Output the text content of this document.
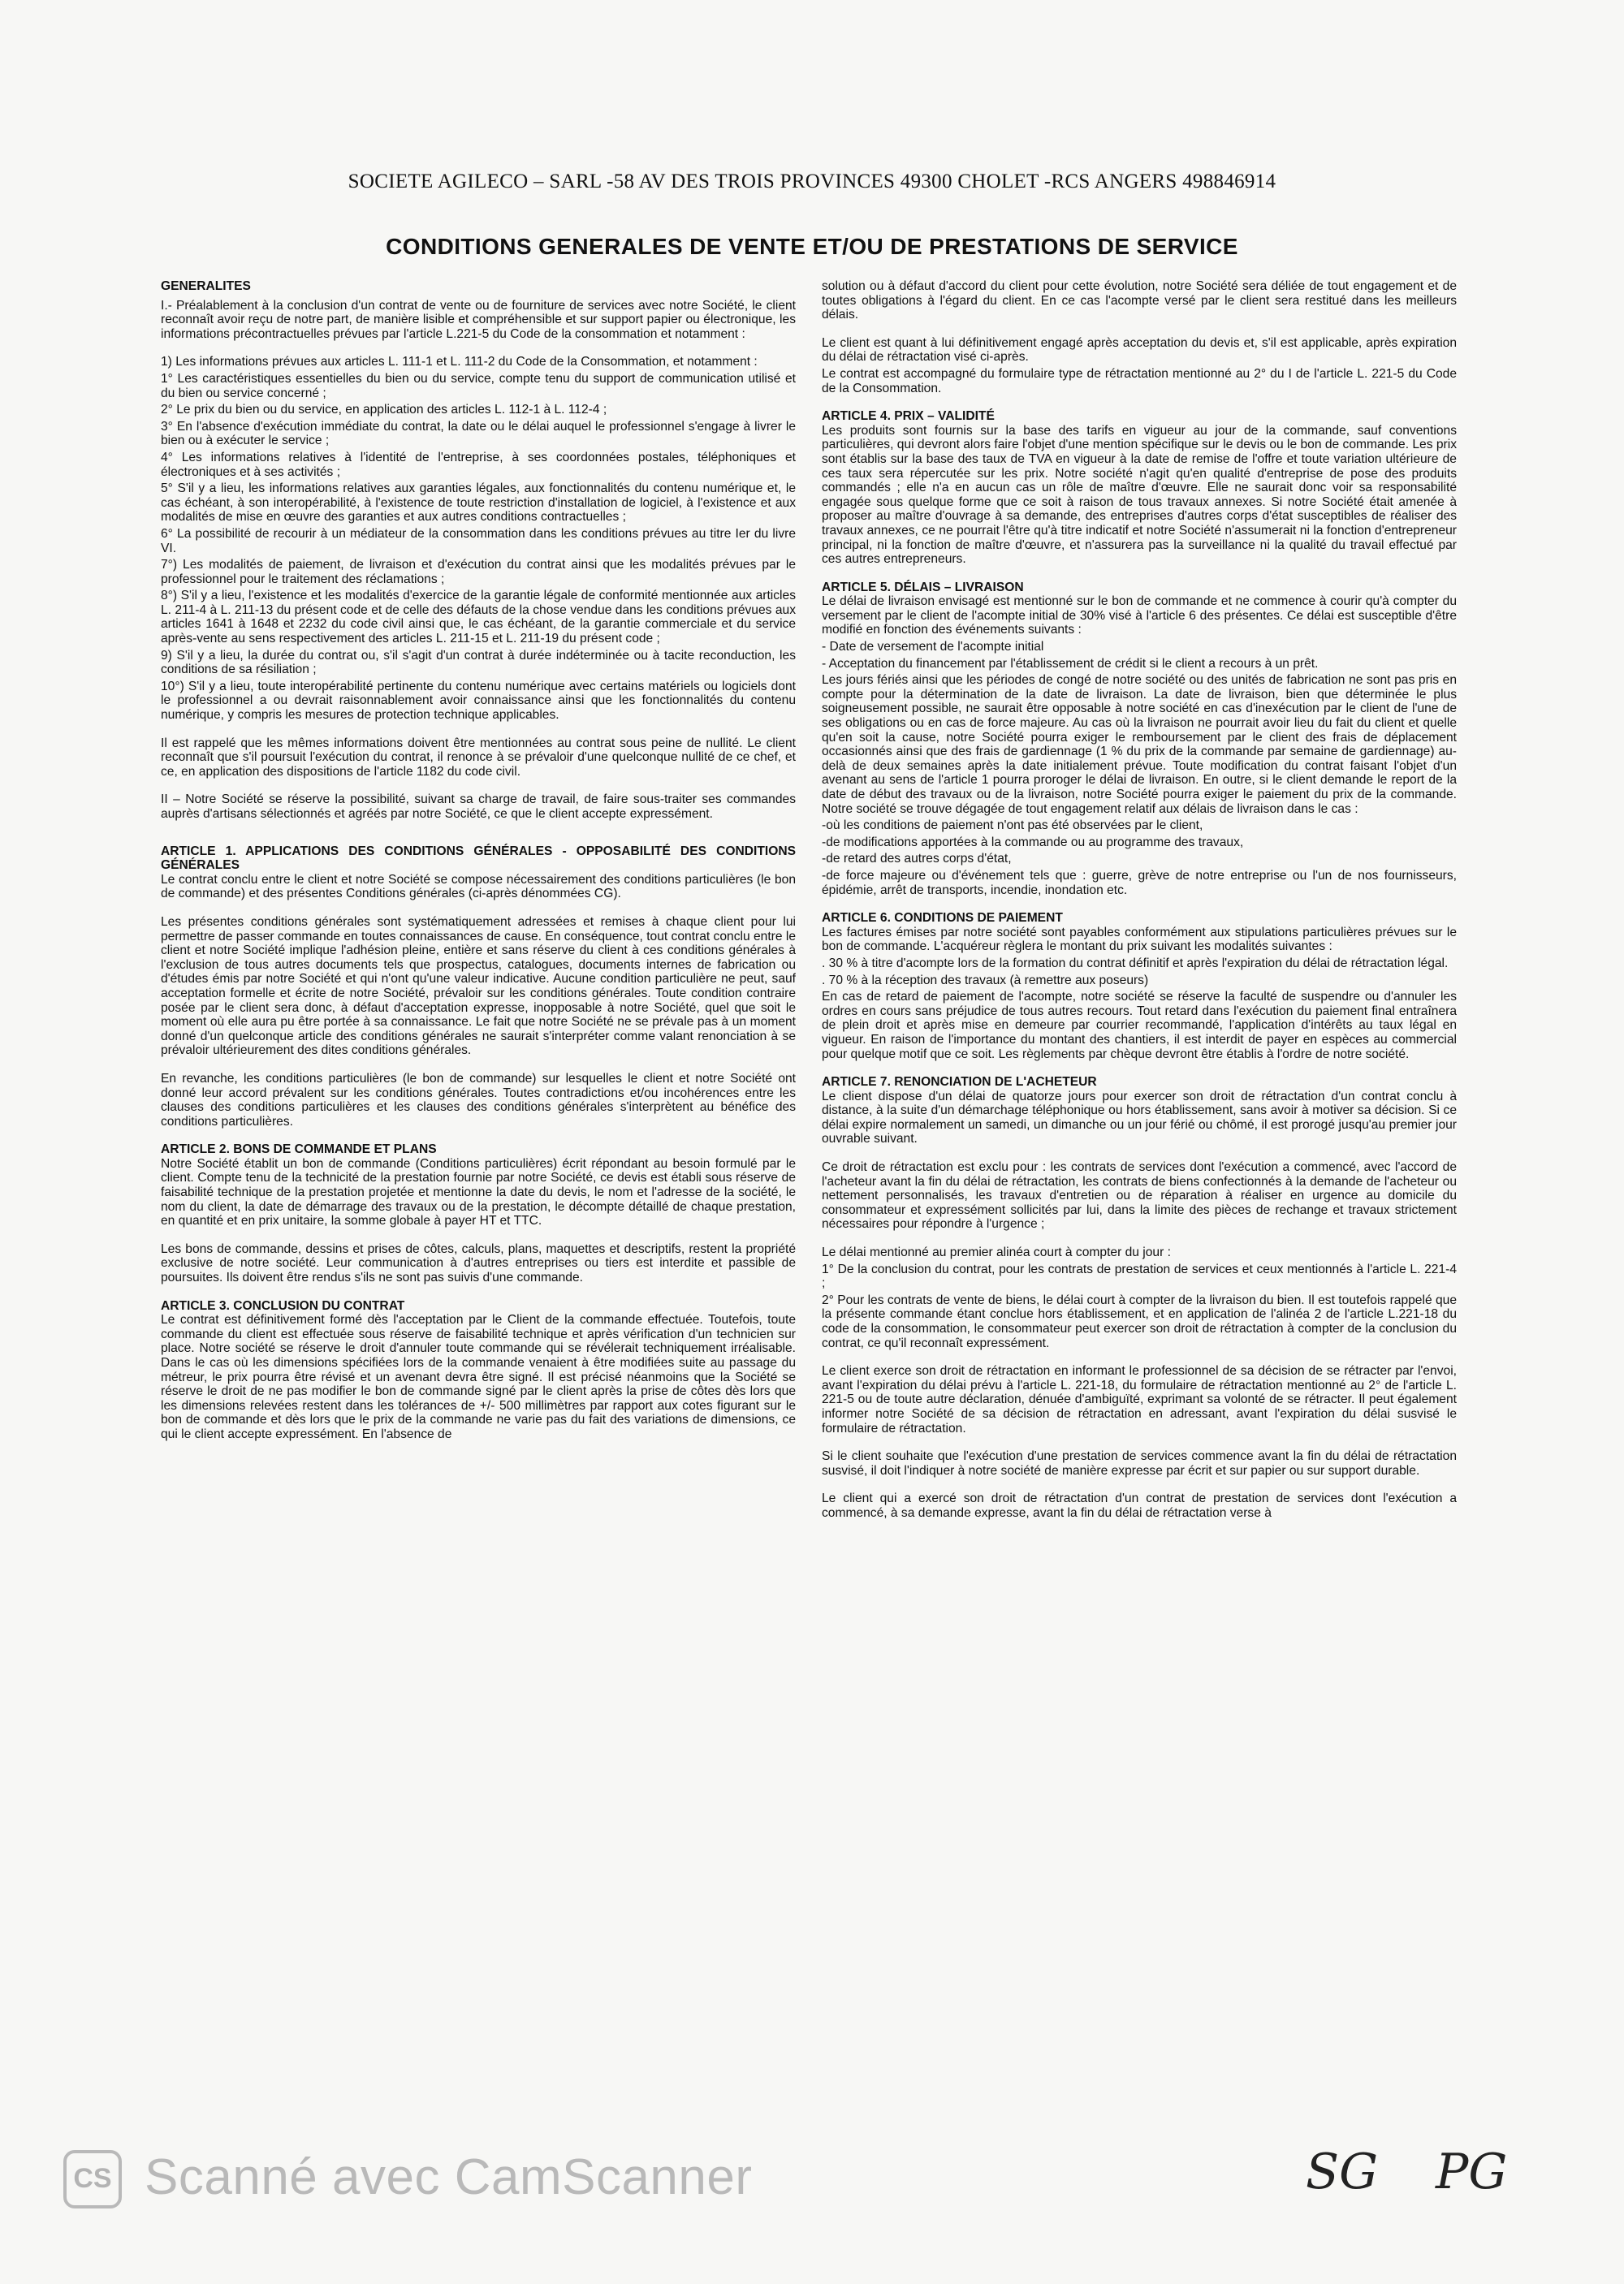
SOCIETE AGILECO – SARL -58 AV DES TROIS PROVINCES 49300 CHOLET -RCS ANGERS 498846914
CONDITIONS GENERALES DE VENTE ET/OU DE PRESTATIONS DE SERVICE
GENERALITES

I.- Préalablement à la conclusion d'un contrat de vente ou de fourniture de services avec notre Société, le client reconnaît avoir reçu de notre part, de manière lisible et compréhensible et sur support papier ou électronique, les informations précontractuelles prévues par l'article L.221-5 du Code de la consommation et notamment :

1) Les informations prévues aux articles L. 111-1 et L. 111-2 du Code de la Consommation, et notamment :

1° Les caractéristiques essentielles du bien ou du service, compte tenu du support de communication utilisé et du bien ou service concerné ;

2° Le prix du bien ou du service, en application des articles L. 112-1 à L. 112-4 ;

3° En l'absence d'exécution immédiate du contrat, la date ou le délai auquel le professionnel s'engage à livrer le bien ou à exécuter le service ;

4° Les informations relatives à l'identité de l'entreprise, à ses coordonnées postales, téléphoniques et électroniques et à ses activités ;

5° S'il y a lieu, les informations relatives aux garanties légales, aux fonctionnalités du contenu numérique et, le cas échéant, à son interopérabilité, à l'existence de toute restriction d'installation de logiciel, à l'existence et aux modalités de mise en œuvre des garanties et aux autres conditions contractuelles ;

6° La possibilité de recourir à un médiateur de la consommation dans les conditions prévues au titre Ier du livre VI.

7°) Les modalités de paiement, de livraison et d'exécution du contrat ainsi que les modalités prévues par le professionnel pour le traitement des réclamations ;

8°) S'il y a lieu, l'existence et les modalités d'exercice de la garantie légale de conformité mentionnée aux articles L. 211-4 à L. 211-13 du présent code et de celle des défauts de la chose vendue dans les conditions prévues aux articles 1641 à 1648 et 2232 du code civil ainsi que, le cas échéant, de la garantie commerciale et du service après-vente au sens respectivement des articles L. 211-15 et L. 211-19 du présent code ;

9) S'il y a lieu, la durée du contrat ou, s'il s'agit d'un contrat à durée indéterminée ou à tacite reconduction, les conditions de sa résiliation ;

10°) S'il y a lieu, toute interopérabilité pertinente du contenu numérique avec certains matériels ou logiciels dont le professionnel a ou devrait raisonnablement avoir connaissance ainsi que les fonctionnalités du contenu numérique, y compris les mesures de protection technique applicables.

Il est rappelé que les mêmes informations doivent être mentionnées au contrat sous peine de nullité. Le client reconnaît que s'il poursuit l'exécution du contrat, il renonce à se prévaloir d'une quelconque nullité de ce chef, et ce, en application des dispositions de l'article 1182 du code civil.

II – Notre Société se réserve la possibilité, suivant sa charge de travail, de faire sous-traiter ses commandes auprès d'artisans sélectionnés et agréés par notre Société, ce que le client accepte expressément.

ARTICLE 1. APPLICATIONS DES CONDITIONS GÉNÉRALES - OPPOSABILITÉ DES CONDITIONS GÉNÉRALES

Le contrat conclu entre le client et notre Société se compose nécessairement des conditions particulières (le bon de commande) et des présentes Conditions générales (ci-après dénommées CG).

Les présentes conditions générales sont systématiquement adressées et remises à chaque client pour lui permettre de passer commande en toutes connaissances de cause. En conséquence, tout contrat conclu entre le client et notre Société implique l'adhésion pleine, entière et sans réserve du client à ces conditions générales à l'exclusion de tous autres documents tels que prospectus, catalogues, documents internes de fabrication ou d'études émis par notre Société et qui n'ont qu'une valeur indicative. Aucune condition particulière ne peut, sauf acceptation formelle et écrite de notre Société, prévaloir sur les conditions générales. Toute condition contraire posée par le client sera donc, à défaut d'acceptation expresse, inopposable à notre Société, quel que soit le moment où elle aura pu être portée à sa connaissance. Le fait que notre Société ne se prévale pas à un moment donné d'un quelconque article des conditions générales ne saurait s'interpréter comme valant renonciation à se prévaloir ultérieurement des dites conditions générales.

En revanche, les conditions particulières (le bon de commande) sur lesquelles le client et notre Société ont donné leur accord prévalent sur les conditions générales. Toutes contradictions et/ou incohérences entre les clauses des conditions particulières et les clauses des conditions générales s'interprètent au bénéfice des conditions particulières.

ARTICLE 2. BONS DE COMMANDE ET PLANS

Notre Société établit un bon de commande (Conditions particulières) écrit répondant au besoin formulé par le client. Compte tenu de la technicité de la prestation fournie par notre Société, ce devis est établi sous réserve de faisabilité technique de la prestation projetée et mentionne la date du devis, le nom et l'adresse de la société, le nom du client, la date de démarrage des travaux ou de la prestation, le décompte détaillé de chaque prestation, en quantité et en prix unitaire, la somme globale à payer HT et TTC.

Les bons de commande, dessins et prises de côtes, calculs, plans, maquettes et descriptifs, restent la propriété exclusive de notre société. Leur communication à d'autres entreprises ou tiers est interdite et passible de poursuites. Ils doivent être rendus s'ils ne sont pas suivis d'une commande.

ARTICLE 3. CONCLUSION DU CONTRAT

Le contrat est définitivement formé dès l'acceptation par le Client de la commande effectuée. Toutefois, toute commande du client est effectuée sous réserve de faisabilité technique et après vérification d'un technicien sur place. Notre société se réserve le droit d'annuler toute commande qui se révélerait techniquement irréalisable. Dans le cas où les dimensions spécifiées lors de la commande venaient à être modifiées suite au passage du métreur, le prix pourra être révisé et un avenant devra être signé. Il est précisé néanmoins que la Société se réserve le droit de ne pas modifier le bon de commande signé par le client après la prise de côtes dès lors que les dimensions relevées restent dans les tolérances de +/- 500 millimètres par rapport aux cotes figurant sur le bon de commande et dès lors que le prix de la commande ne varie pas du fait des variations de dimensions, ce qui le client accepte expressément. En l'absence de

solution ou à défaut d'accord du client pour cette évolution, notre Société sera déliée de tout engagement et de toutes obligations à l'égard du client. En ce cas l'acompte versé par le client sera restitué dans les meilleurs délais.

Le client est quant à lui définitivement engagé après acceptation du devis et, s'il est applicable, après expiration du délai de rétractation visé ci-après.

Le contrat est accompagné du formulaire type de rétractation mentionné au 2° du I de l'article L. 221-5 du Code de la Consommation.

ARTICLE 4. PRIX – VALIDITÉ

Les produits sont fournis sur la base des tarifs en vigueur au jour de la commande, sauf conventions particulières, qui devront alors faire l'objet d'une mention spécifique sur le devis ou le bon de commande. Les prix sont établis sur la base des taux de TVA en vigueur à la date de remise de l'offre et toute variation ultérieure de ces taux sera répercutée sur les prix. Notre société n'agit qu'en qualité d'entreprise de pose des produits commandés ; elle n'a en aucun cas un rôle de maître d'œuvre. Elle ne saurait donc voir sa responsabilité engagée sous quelque forme que ce soit à raison de tous travaux annexes. Si notre Société était amenée à proposer au maître d'ouvrage à sa demande, des entreprises d'autres corps d'état susceptibles de réaliser des travaux annexes, ce ne pourrait l'être qu'à titre indicatif et notre Société n'assumerait ni la fonction d'entrepreneur principal, ni la fonction de maître d'œuvre, et n'assurera pas la surveillance ni la qualité du travail effectué par ces autres entrepreneurs.

ARTICLE 5. DÉLAIS – LIVRAISON

Le délai de livraison envisagé est mentionné sur le bon de commande et ne commence à courir qu'à compter du versement par le client de l'acompte initial de 30% visé à l'article 6 des présentes. Ce délai est susceptible d'être modifié en fonction des événements suivants :

- Date de versement de l'acompte initial

- Acceptation du financement par l'établissement de crédit si le client a recours à un prêt.

Les jours fériés ainsi que les périodes de congé de notre société ou des unités de fabrication ne sont pas pris en compte pour la détermination de la date de livraison. La date de livraison, bien que déterminée le plus soigneusement possible, ne saurait être opposable à notre société en cas d'inexécution par le client de l'une de ses obligations ou en cas de force majeure. Au cas où la livraison ne pourrait avoir lieu du fait du client et quelle qu'en soit la cause, notre Société pourra exiger le remboursement par le client des frais de déplacement occasionnés ainsi que des frais de gardiennage (1 % du prix de la commande par semaine de gardiennage) au-delà de deux semaines après la date initialement prévue. Toute modification du contrat faisant l'objet d'un avenant au sens de l'article 1 pourra proroger le délai de livraison. En outre, si le client demande le report de la date de début des travaux ou de la livraison, notre Société pourra exiger le paiement du prix de la commande. Notre société se trouve dégagée de tout engagement relatif aux délais de livraison dans le cas :

-où les conditions de paiement n'ont pas été observées par le client,

-de modifications apportées à la commande ou au programme des travaux,

-de retard des autres corps d'état,

-de force majeure ou d'événement tels que : guerre, grève de notre entreprise ou l'un de nos fournisseurs, épidémie, arrêt de transports, incendie, inondation etc.

ARTICLE 6. CONDITIONS DE PAIEMENT

Les factures émises par notre société sont payables conformément aux stipulations particulières prévues sur le bon de commande. L'acquéreur règlera le montant du prix suivant les modalités suivantes :

. 30 % à titre d'acompte lors de la formation du contrat définitif et après l'expiration du délai de rétractation légal.

. 70 % à la réception des travaux (à remettre aux poseurs)

En cas de retard de paiement de l'acompte, notre société se réserve la faculté de suspendre ou d'annuler les ordres en cours sans préjudice de tous autres recours. Tout retard dans l'exécution du paiement final entraînera de plein droit et après mise en demeure par courrier recommandé, l'application d'intérêts au taux légal en vigueur. En raison de l'importance du montant des chantiers, il est interdit de payer en espèces au commercial pour quelque motif que ce soit. Les règlements par chèque devront être établis à l'ordre de notre société.

ARTICLE 7. RENONCIATION DE L'ACHETEUR

Le client dispose d'un délai de quatorze jours pour exercer son droit de rétractation d'un contrat conclu à distance, à la suite d'un démarchage téléphonique ou hors établissement, sans avoir à motiver sa décision. Si ce délai expire normalement un samedi, un dimanche ou un jour férié ou chômé, il est prorogé jusqu'au premier jour ouvrable suivant.

Ce droit de rétractation est exclu pour : les contrats de services dont l'exécution a commencé, avec l'accord de l'acheteur avant la fin du délai de rétractation, les contrats de biens confectionnés à la demande de l'acheteur ou nettement personnalisés, les travaux d'entretien ou de réparation à réaliser en urgence au domicile du consommateur et expressément sollicités par lui, dans la limite des pièces de rechange et travaux strictement nécessaires pour répondre à l'urgence ;

Le délai mentionné au premier alinéa court à compter du jour :

1° De la conclusion du contrat, pour les contrats de prestation de services et ceux mentionnés à l'article L. 221-4 ;

2° Pour les contrats de vente de biens, le délai court à compter de la livraison du bien. Il est toutefois rappelé que la présente commande étant conclue hors établissement, et en application de l'alinéa 2 de l'article L.221-18 du code de la consommation, le consommateur peut exercer son droit de rétractation à compter de la conclusion du contrat, ce qu'il reconnaît expressément.

Le client exerce son droit de rétractation en informant le professionnel de sa décision de se rétracter par l'envoi, avant l'expiration du délai prévu à l'article L. 221-18, du formulaire de rétractation mentionné au 2° de l'article L. 221-5 ou de toute autre déclaration, dénuée d'ambiguïté, exprimant sa volonté de se rétracter. Il peut également informer notre Société de sa décision de rétractation en adressant, avant l'expiration du délai susvisé le formulaire de rétractation.

Si le client souhaite que l'exécution d'une prestation de services commence avant la fin du délai de rétractation susvisé, il doit l'indiquer à notre société de manière expresse par écrit et sur papier ou sur support durable.

Le client qui a exercé son droit de rétractation d'un contrat de prestation de services dont l'exécution a commencé, à sa demande expresse, avant la fin du délai de rétractation verse à

CS Scanné avec CamScanner	SG PG
